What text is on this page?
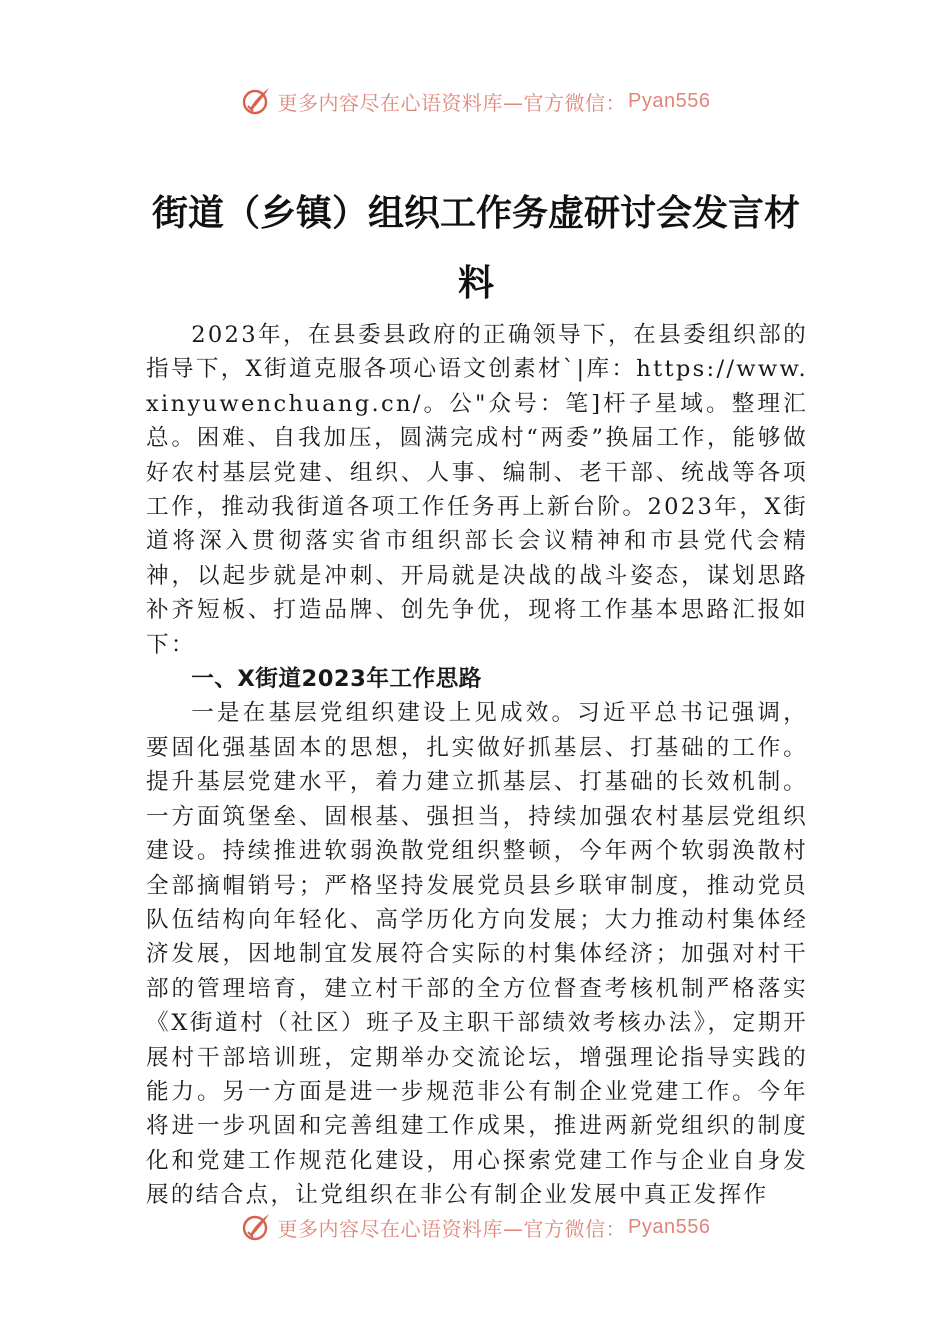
更多内容尽在心语资料库—官方微信： Pyan556
街道（乡镇）组织工作务虚研讨会发言材料

2023年，在县委县政府的正确领导下，在县委组织部的指导下，X街道克服各项心语文创素材`|库：https://www.xinyuwenchuang.cn/。公"众号：笔]杆子星域。整理汇总。困难、自我加压，圆满完成村“两委”换届工作，能够做好农村基层党建、组织、人事、编制、老干部、统战等各项工作，推动我街道各项工作任务再上新台阶。2023年，X街道将深入贯彻落实省市组织部长会议精神和市县党代会精神，以起步就是冲刺、开局就是决战的战斗姿态，谋划思路补齐短板、打造品牌、创先争优，现将工作基本思路汇报如下：

一、X街道2023年工作思路

一是在基层党组织建设上见成效。习近平总书记强调，要固化强基固本的思想，扎实做好抓基层、打基础的工作。提升基层党建水平，着力建立抓基层、打基础的长效机制。一方面筑堡垒、固根基、强担当，持续加强农村基层党组织建设。持续推进软弱涣散党组织整顿，今年两个软弱涣散村全部摘帽销号；严格坚持发展党员县乡联审制度，推动党员队伍结构向年轻化、高学历化方向发展；大力推动村集体经济发展，因地制宜发展符合实际的村集体经济；加强对村干部的管理培育，建立村干部的全方位督查考核机制严格落实《X街道村（社区）班子及主职干部绩效考核办法》，定期开展村干部培训班，定期举办交流论坛，增强理论指导实践的能力。另一方面是进一步规范非公有制企业党建工作。今年将进一步巩固和完善组建工作成果，推进两新党组织的制度化和党建工作规范化建设，用心探索党建工作与企业自身发展的结合点，让党组织在非公有制企业发展中真正发挥作

更多内容尽在心语资料库—官方微信： Pyan556
